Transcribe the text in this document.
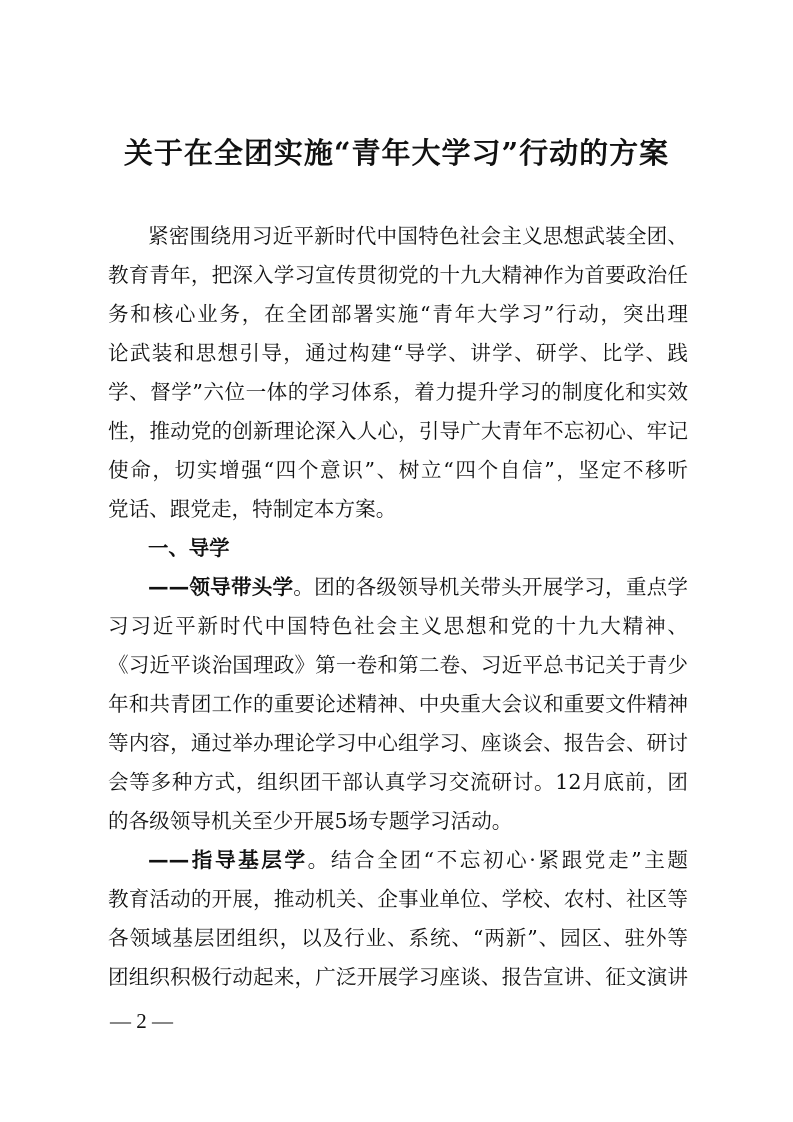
关于在全团实施“青年大学习”行动的方案
紧密围绕用习近平新时代中国特色社会主义思想武装全团、
教育青年，把深入学习宣传贯彻党的十九大精神作为首要政治任
务和核心业务，在全团部署实施“青年大学习”行动，突出理
论武装和思想引导，通过构建“导学、讲学、研学、比学、践
学、督学”六位一体的学习体系，着力提升学习的制度化和实效
性，推动党的创新理论深入人心，引导广大青年不忘初心、牢记
使命，切实增强“四个意识”、树立“四个自信”，坚定不移听
党话、跟党走，特制定本方案。
一、导学
——领导带头学。团的各级领导机关带头开展学习，重点学
习习近平新时代中国特色社会主义思想和党的十九大精神、
《习近平谈治国理政》第一卷和第二卷、习近平总书记关于青少
年和共青团工作的重要论述精神、中央重大会议和重要文件精神
等内容，通过举办理论学习中心组学习、座谈会、报告会、研讨
会等多种方式，组织团干部认真学习交流研讨。12月底前，团
的各级领导机关至少开展5场专题学习活动。
——指导基层学。结合全团“不忘初心·紧跟党走”主题
教育活动的开展，推动机关、企事业单位、学校、农村、社区等
各领域基层团组织，以及行业、系统、“两新”、园区、驻外等
团组织积极行动起来，广泛开展学习座谈、报告宣讲、征文演讲
— 2 —
